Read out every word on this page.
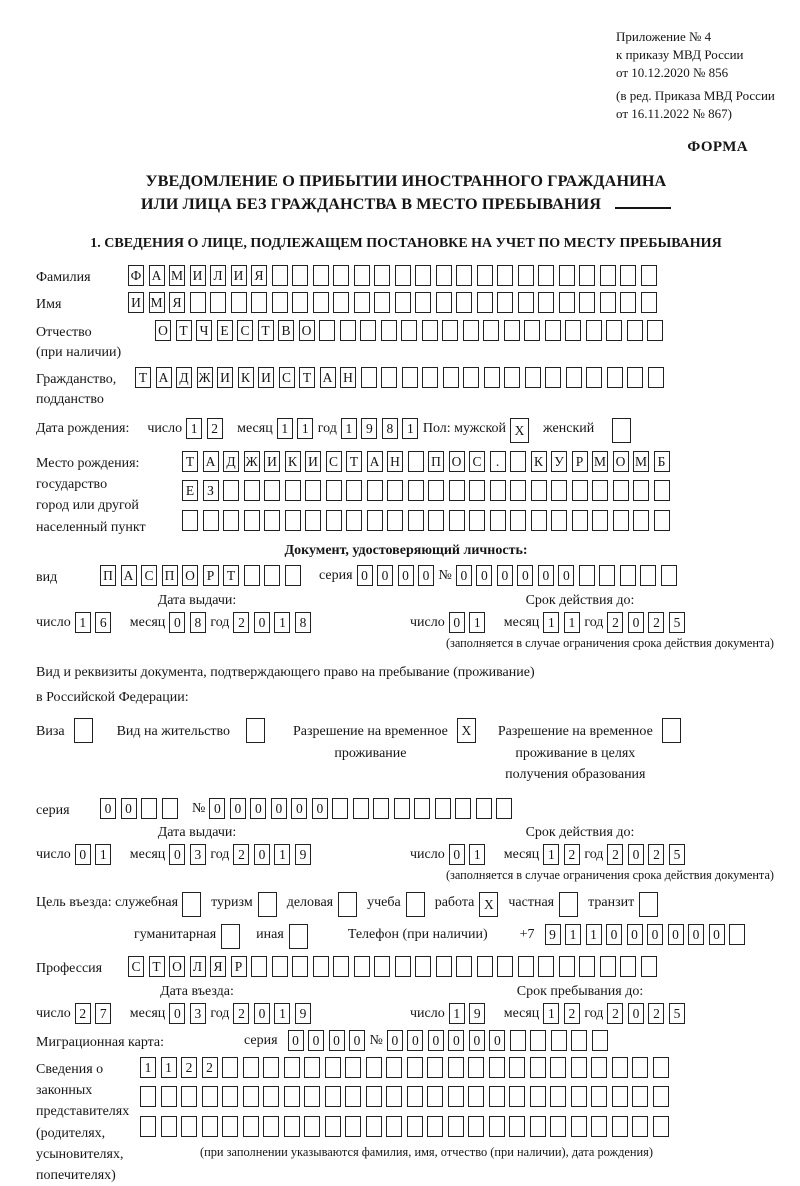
Приложение № 4
к приказу МВД России
от 10.12.2020 № 856
(в ред. Приказа МВД России
от 16.11.2022 № 867)
ФОРМА
УВЕДОМЛЕНИЕ О ПРИБЫТИИ ИНОСТРАННОГО ГРАЖДАНИНА
ИЛИ ЛИЦА БЕЗ ГРАЖДАНСТВА В МЕСТО ПРЕБЫВАНИЯ
1. СВЕДЕНИЯ О ЛИЦЕ, ПОДЛЕЖАЩЕМ ПОСТАНОВКЕ НА УЧЕТ ПО МЕСТУ ПРЕБЫВАНИЯ
Фамилия	Ф А М И Л И Я
Имя	И М Я
Отчество
(при наличии)
О Т Ч Е С Т В О
Гражданство,
подданство
Т А Д Ж И К И С Т А Н
Дата рождения: число 1 2	месяц 1 1 год 1 9 8 1 Пол: мужской X	женский
Место рождения:
государство
город или другой
населенный пункт
Т А Д Ж И К И С Т А Н П О С .	К У Р М О М Б
Е З
Документ, удостоверяющий личность:
вид	П А С П О Р Т	серия 0 0 0 0 № 0 0 0 0 0 0
Дата выдачи:
число 1 6	месяц 0 8 год 2 0 1 8
Срок действия до:
число 0 1	месяц 1 1 год 2 0 2 5
(заполняется в случае ограничения срока действия документа)
Вид и реквизиты документа, подтверждающего право на пребывание (проживание)
в Российской Федерации:
Виза	Вид на жительство	Разрешение на временное
проживание
X	Разрешение на временное
проживание в целях
получения образования
серия	0 0	№ 0 0 0 0 0 0
Дата выдачи:
число 0 1	месяц 0 3 год 2 0 1 9
Срок действия до:
число 0 1	месяц 1 2 год 2 0 2 5
(заполняется в случае ограничения срока действия документа)
Цель въезда: служебная туризм деловая учеба работа X	частная транзит
гуманитарная	иная	Телефон (при наличии) +7	9 1 1 0 0 0 0 0 0
Профессия	С Т О Л Я Р
Дата въезда:
число 2 7	месяц 0 3 год 2 0 1 9
Срок пребывания до:
число 1 9	месяц 1 2 год 2 0 2 5
Миграционная карта:	серия	0 0 0 0 № 0 0 0 0 0 0
Сведения о
законных
представителях
(родителях,
усыновителях,
попечителях)
1 1 2 2
(при заполнении указываются фамилия, имя, отчество (при наличии), дата рождения)
